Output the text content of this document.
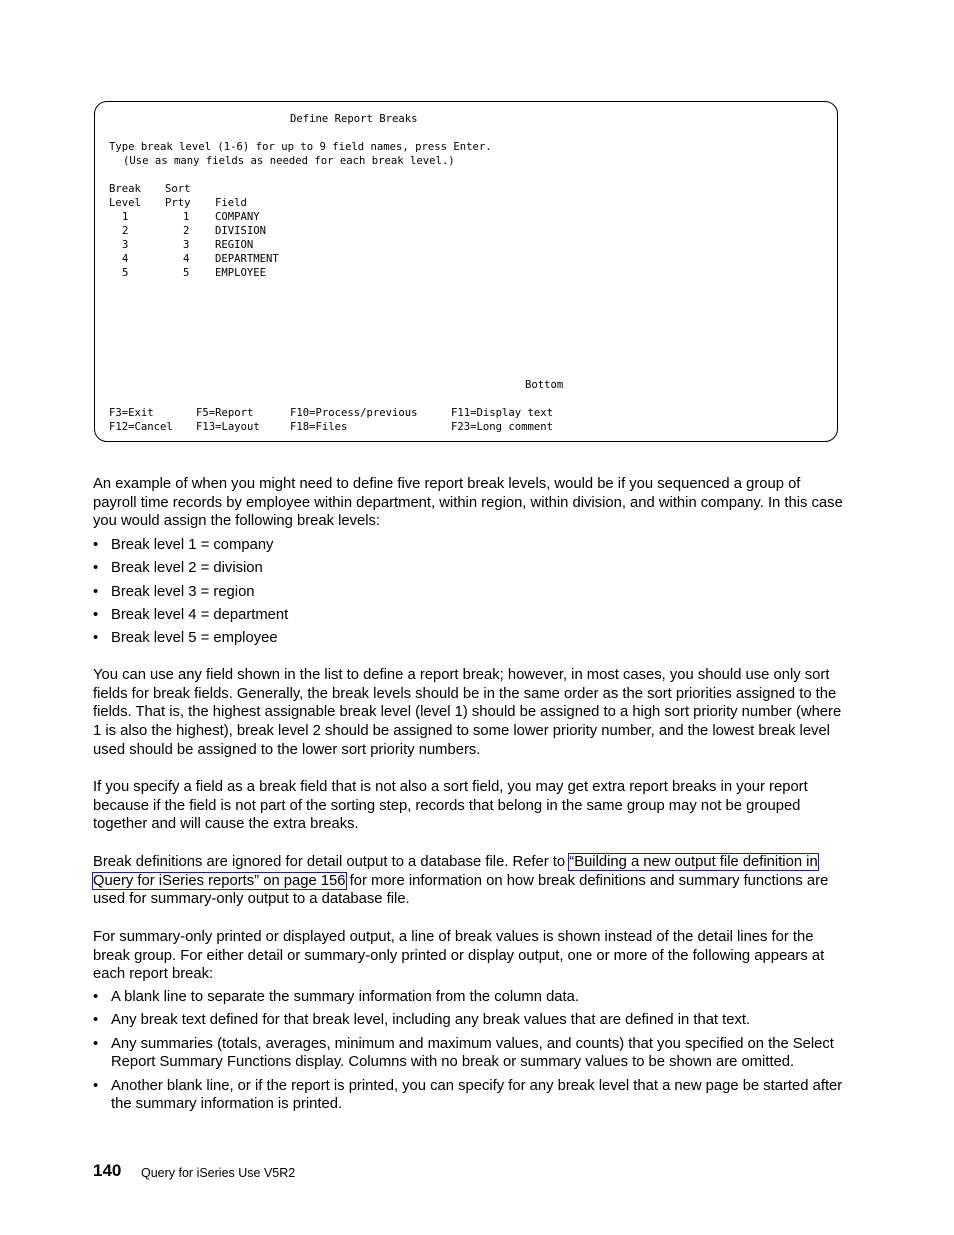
Define Report Breaks
Type break level (1-6) for up to 9 field names, press Enter.
(Use as many fields as needed for each break level.)
Break Sort
Level Prty Field
1	1 COMPANY
2	2 DIVISION
3	3 REGION
4	4 DEPARTMENT
5	5 EMPLOYEE
Bottom
F3=Exit	F5=Report	F10=Process/previous	F11=Display text
F12=Cancel F13=Layout	F18=Files	F23=Long comment

An example of when you might need to define five report break levels, would be if you sequenced a group of payroll time records by employee within department, within region, within division, and within company. In this case you would assign the following break levels:

• Break level 1 = company
• Break level 2 = division
• Break level 3 = region
• Break level 4 = department
• Break level 5 = employee

You can use any field shown in the list to define a report break; however, in most cases, you should use only sort fields for break fields. Generally, the break levels should be in the same order as the sort priorities assigned to the fields. That is, the highest assignable break level (level 1) should be assigned to a high sort priority number (where 1 is also the highest), break level 2 should be assigned to some lower priority number, and the lowest break level used should be assigned to the lower sort priority numbers.

If you specify a field as a break field that is not also a sort field, you may get extra report breaks in your report because if the field is not part of the sorting step, records that belong in the same group may not be grouped together and will cause the extra breaks.

Break definitions are ignored for detail output to a database file. Refer to “Building a new output file definition in Query for iSeries reports” on page 156 for more information on how break definitions and summary functions are used for summary-only output to a database file.

For summary-only printed or displayed output, a line of break values is shown instead of the detail lines for the break group. For either detail or summary-only printed or display output, one or more of the following appears at each report break:

• A blank line to separate the summary information from the column data.
• Any break text defined for that break level, including any break values that are defined in that text.
• Any summaries (totals, averages, minimum and maximum values, and counts) that you specified on the Select Report Summary Functions display. Columns with no break or summary values to be shown are omitted.
• Another blank line, or if the report is printed, you can specify for any break level that a new page be started after the summary information is printed.
140 Query for iSeries Use V5R2
